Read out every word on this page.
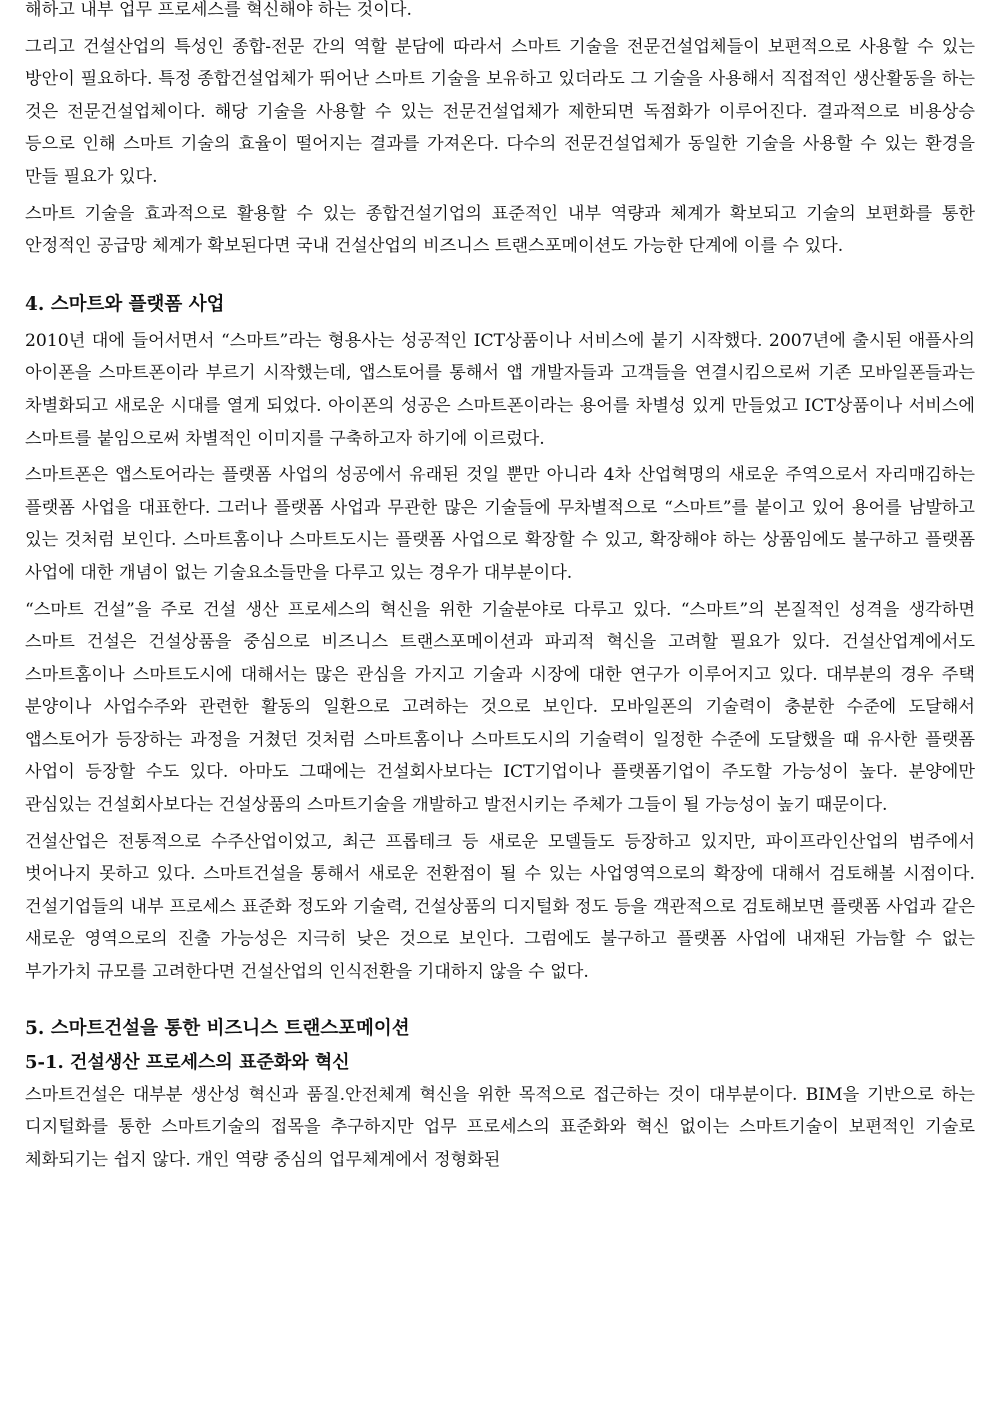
해하고 내부 업무 프로세스를 혁신해야 하는 것이다.

그리고 건설산업의 특성인 종합-전문 간의 역할 분담에 따라서 스마트 기술을 전문건설업체들이 보편적으로 사용할 수 있는 방안이 필요하다. 특정 종합건설업체가 뛰어난 스마트 기술을 보유하고 있더라도 그 기술을 사용해서 직접적인 생산활동을 하는 것은 전문건설업체이다. 해당 기술을 사용할 수 있는 전문건설업체가 제한되면 독점화가 이루어진다. 결과적으로 비용상승 등으로 인해 스마트 기술의 효율이 떨어지는 결과를 가져온다. 다수의 전문건설업체가 동일한 기술을 사용할 수 있는 환경을 만들 필요가 있다.

스마트 기술을 효과적으로 활용할 수 있는 종합건설기업의 표준적인 내부 역량과 체계가 확보되고 기술의 보편화를 통한 안정적인 공급망 체계가 확보된다면 국내 건설산업의 비즈니스 트랜스포메이션도 가능한 단계에 이를 수 있다.

4. 스마트와 플랫폼 사업

2010년 대에 들어서면서 “스마트”라는 형용사는 성공적인 ICT상품이나 서비스에 붙기 시작했다. 2007년에 출시된 애플사의 아이폰을 스마트폰이라 부르기 시작했는데, 앱스토어를 통해서 앱 개발자들과 고객들을 연결시킴으로써 기존 모바일폰들과는 차별화되고 새로운 시대를 열게 되었다. 아이폰의 성공은 스마트폰이라는 용어를 차별성 있게 만들었고 ICT상품이나 서비스에 스마트를 붙임으로써 차별적인 이미지를 구축하고자 하기에 이르렀다.

스마트폰은 앱스토어라는 플랫폼 사업의 성공에서 유래된 것일 뿐만 아니라 4차 산업혁명의 새로운 주역으로서 자리매김하는 플랫폼 사업을 대표한다. 그러나 플랫폼 사업과 무관한 많은 기술들에 무차별적으로 “스마트”를 붙이고 있어 용어를 남발하고 있는 것처럼 보인다. 스마트홈이나 스마트도시는 플랫폼 사업으로 확장할 수 있고, 확장해야 하는 상품임에도 불구하고 플랫폼 사업에 대한 개념이 없는 기술요소들만을 다루고 있는 경우가 대부분이다.

“스마트 건설”을 주로 건설 생산 프로세스의 혁신을 위한 기술분야로 다루고 있다. “스마트”의 본질적인 성격을 생각하면 스마트 건설은 건설상품을 중심으로 비즈니스 트랜스포메이션과 파괴적 혁신을 고려할 필요가 있다. 건설산업계에서도 스마트홈이나 스마트도시에 대해서는 많은 관심을 가지고 기술과 시장에 대한 연구가 이루어지고 있다. 대부분의 경우 주택 분양이나 사업수주와 관련한 활동의 일환으로 고려하는 것으로 보인다. 모바일폰의 기술력이 충분한 수준에 도달해서 앱스토어가 등장하는 과정을 거쳤던 것처럼 스마트홈이나 스마트도시의 기술력이 일정한 수준에 도달했을 때 유사한 플랫폼 사업이 등장할 수도 있다. 아마도 그때에는 건설회사보다는 ICT기업이나 플랫폼기업이 주도할 가능성이 높다. 분양에만 관심있는 건설회사보다는 건설상품의 스마트기술을 개발하고 발전시키는 주체가 그들이 될 가능성이 높기 때문이다.

건설산업은 전통적으로 수주산업이었고, 최근 프롭테크 등 새로운 모델들도 등장하고 있지만, 파이프라인산업의 범주에서 벗어나지 못하고 있다. 스마트건설을 통해서 새로운 전환점이 될 수 있는 사업영역으로의 확장에 대해서 검토해볼 시점이다. 건설기업들의 내부 프로세스 표준화 정도와 기술력, 건설상품의 디지털화 정도 등을 객관적으로 검토해보면 플랫폼 사업과 같은 새로운 영역으로의 진출 가능성은 지극히 낮은 것으로 보인다. 그럼에도 불구하고 플랫폼 사업에 내재된 가늠할 수 없는 부가가치 규모를 고려한다면 건설산업의 인식전환을 기대하지 않을 수 없다.

5. 스마트건설을 통한 비즈니스 트랜스포메이션
5-1. 건설생산 프로세스의 표준화와 혁신

스마트건설은 대부분 생산성 혁신과 품질.안전체계 혁신을 위한 목적으로 접근하는 것이 대부분이다. BIM을 기반으로 하는 디지털화를 통한 스마트기술의 접목을 추구하지만 업무 프로세스의 표준화와 혁신 없이는 스마트기술이 보편적인 기술로 체화되기는 쉽지 않다. 개인 역량 중심의 업무체계에서 정형화된
